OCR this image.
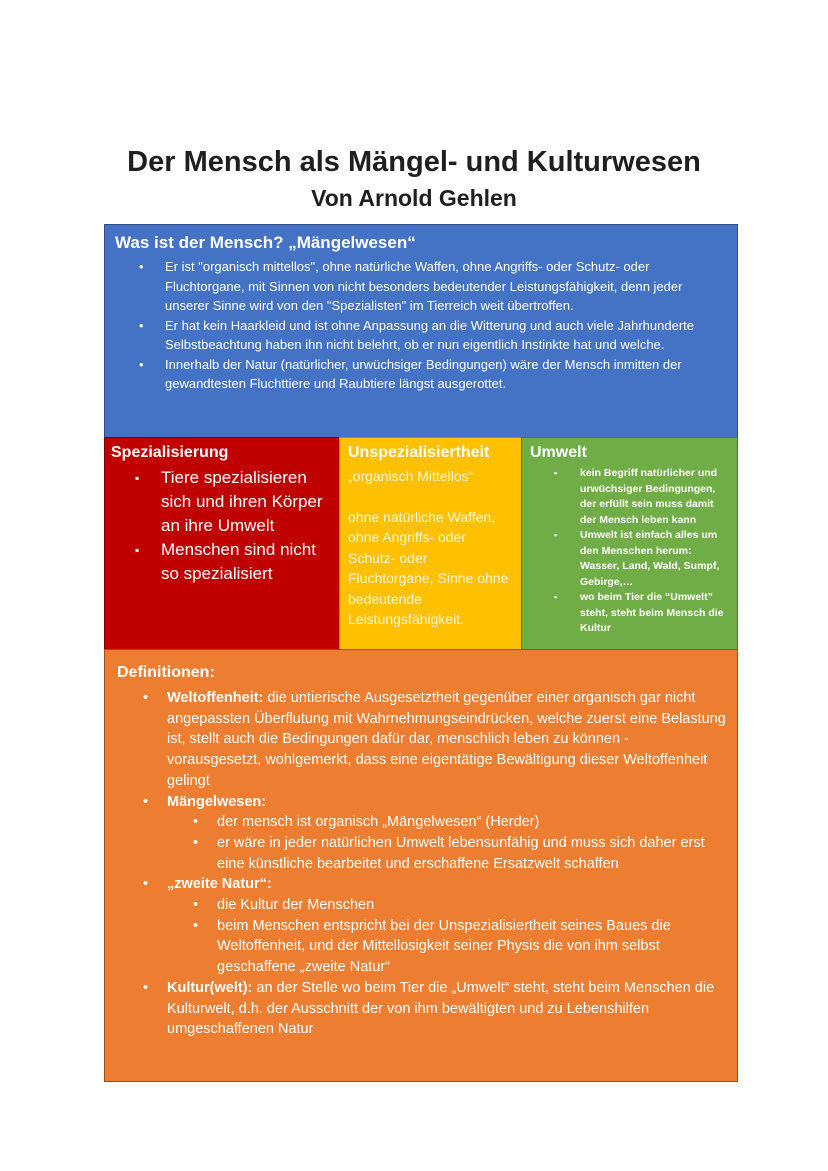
Der Mensch als Mängel- und Kulturwesen
Von Arnold Gehlen
Was ist der Mensch? „Mängelwesen“
• Er ist "organisch mittellos", ohne natürliche Waffen, ohne Angriffs- oder Schutz- oder Fluchtorgane, mit Sinnen von nicht besonders bedeutender Leistungsfähigkeit, denn jeder unserer Sinne wird von den "Spezialisten" im Tierreich weit übertroffen.
• Er hat kein Haarkleid und ist ohne Anpassung an die Witterung und auch viele Jahrhunderte Selbstbeachtung haben ihn nicht belehrt, ob er nun eigentlich Instinkte hat und welche.
• Innerhalb der Natur (natürlicher, urwüchsiger Bedingungen) wäre der Mensch inmitten der gewandtesten Fluchttiere und Raubtiere längst ausgerottet.
Spezialisierung
▪ Tiere spezialisieren sich und ihren Körper an ihre Umwelt
▪ Menschen sind nicht so spezialisiert
Unspezialisiertheit

„organisch Mittellos“

ohne natürliche Waffen, ohne Angriffs- oder Schutz- oder Fluchtorgane, Sinne ohne bedeutende Leistungsfähigkeit.

Umwelt
▪ kein Begriff natürlicher und urwüchsiger Bedingungen, der erfüllt sein muss damit der Mensch leben kann
▪ Umwelt ist einfach alles um den Menschen herum: Wasser, Land, Wald, Sumpf, Gebirge,…
▪ wo beim Tier die “Umwelt” steht, steht beim Mensch die Kultur
Definitionen:
• Weltoffenheit: die untierische Ausgesetztheit gegenüber einer organisch gar nicht angepassten Überflutung mit Wahrnehmungseindrücken, welche zuerst eine Belastung ist, stellt auch die Bedingungen dafür dar, menschlich leben zu können - vorausgesetzt, wohlgemerkt, dass eine eigentätige Bewältigung dieser Weltoffenheit gelingt
• Mängelwesen:
• der mensch ist organisch „Mängelwesen“ (Herder)
• er wäre in jeder natürlichen Umwelt lebensunfähig und muss sich daher erst eine künstliche bearbeitet und erschaffene Ersatzwelt schaffen
• „zweite Natur“:
• die Kultur der Menschen
• beim Menschen entspricht bei der Unspezialisiertheit seines Baues die Weltoffenheit, und der Mittellosigkeit seiner Physis die von ihm selbst geschaffene „zweite Natur“
• Kultur(welt): an der Stelle wo beim Tier die „Umwelt“ steht, steht beim Menschen die Kulturwelt, d.h. der Ausschnitt der von ihm bewältigten und zu Lebenshilfen umgeschaffenen Natur
